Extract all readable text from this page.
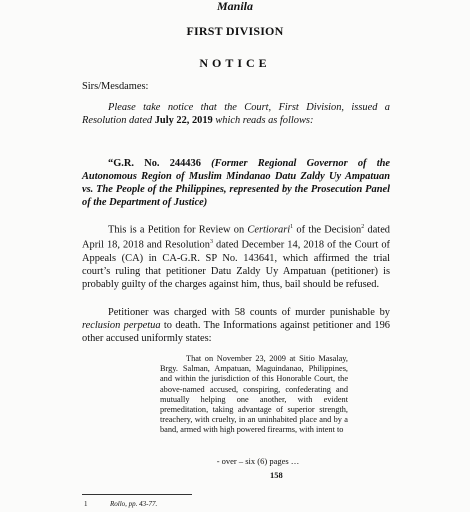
Manila
FIRST DIVISION
NOTICE
Sirs/Mesdames:
Please take notice that the Court, First Division, issued a Resolution dated July 22, 2019 which reads as follows:
“G.R. No. 244436 (Former Regional Governor of the Autonomous Region of Muslim Mindanao Datu Zaldy Uy Ampatuan vs. The People of the Philippines, represented by the Prosecution Panel of the Department of Justice)
This is a Petition for Review on Certiorari$^1$ of the Decision$^2$ dated April 18, 2018 and Resolution$^3$ dated December 14, 2018 of the Court of Appeals (CA) in CA-G.R. SP No. 143641, which affirmed the trial court’s ruling that petitioner Datu Zaldy Uy Ampatuan (petitioner) is probably guilty of the charges against him, thus, bail should be refused.
Petitioner was charged with 58 counts of murder punishable by reclusion perpetua to death. The Informations against petitioner and 196 other accused uniformly states:
That on November 23, 2009 at Sitio Masalay, Brgy. Salman, Ampatuan, Maguindanao, Philippines, and within the jurisdiction of this Honorable Court, the above-named accused, conspiring, confederating and mutually helping one another, with evident premeditation, taking advantage of superior strength, treachery, with cruelty, in an uninhabited place and by a band, armed with high powered firearms, with intent to
- over – six (6) pages …
158
1	Rollo, pp. 43-77.
